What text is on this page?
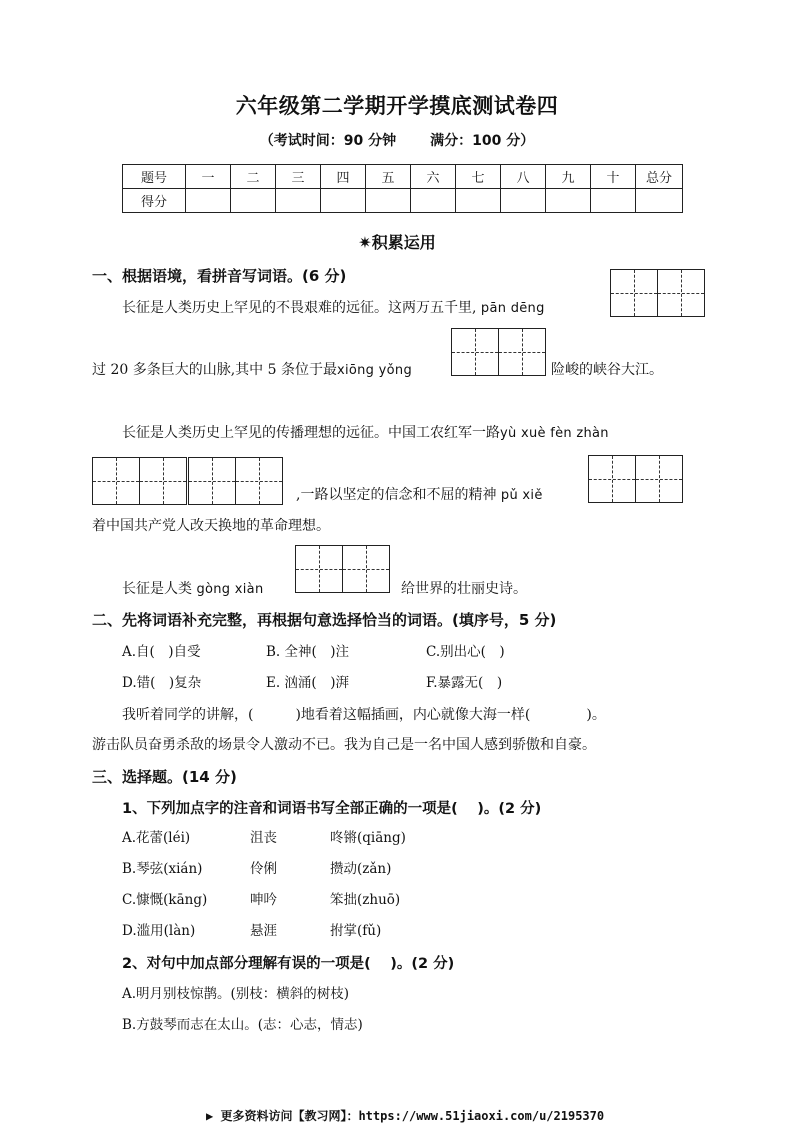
六年级第二学期开学摸底测试卷四
（考试时间：90 分钟 满分：100 分）
题号	一	二	三	四	五	六	七	八	九	十	总分
得分											
✷积累运用
一、根据语境，看拼音写词语。(6 分)
长征是人类历史上罕见的不畏艰难的远征。这两万五千里, pān dēng
过 20 多条巨大的山脉,其中 5 条位于最xiōng yǒng	险峻的峡谷大江。
长征是人类历史上罕见的传播理想的远征。中国工农红军一路yù xuè fèn zhàn
,一路以坚定的信念和不屈的精神 pǔ xiě
着中国共产党人改天换地的革命理想。
长征是人类 gòng xiàn	给世界的壮丽史诗。
二、先将词语补充完整，再根据句意选择恰当的词语。(填序号，5 分)
A.自(　)自受	B. 全神(　)注	C.别出心(　)
D.错(　)复杂	E. 汹涌(　)湃	F.暴露无(　)
我听着同学的讲解，(　　　)地看着这幅插画，内心就像大海一样(　　　　)。
游击队员奋勇杀敌的场景令人激动不已。我为自己是一名中国人感到骄傲和自豪。
三、选择题。(14 分)
1、下列加点字的注音和词语书写全部正确的一项是(　 )。(2 分)
A.花蕾(léi)	沮丧	咚锵(qiāng)
B.琴弦(xián)	伶俐	攒动(zǎn)
C.慷慨(kāng)	呻吟	笨拙(zhuō)
D.滥用(làn)	悬涯	拊掌(fǔ)
2、对句中加点部分理解有误的一项是(　 )。(2 分)
A.明月别枝惊鹊。(别枝：横斜的树枝)
B.方鼓琴而志在太山。(志：心志，情志)
▶ 更多资料访问【教习网】：https://www.51jiaoxi.com/u/2195370
